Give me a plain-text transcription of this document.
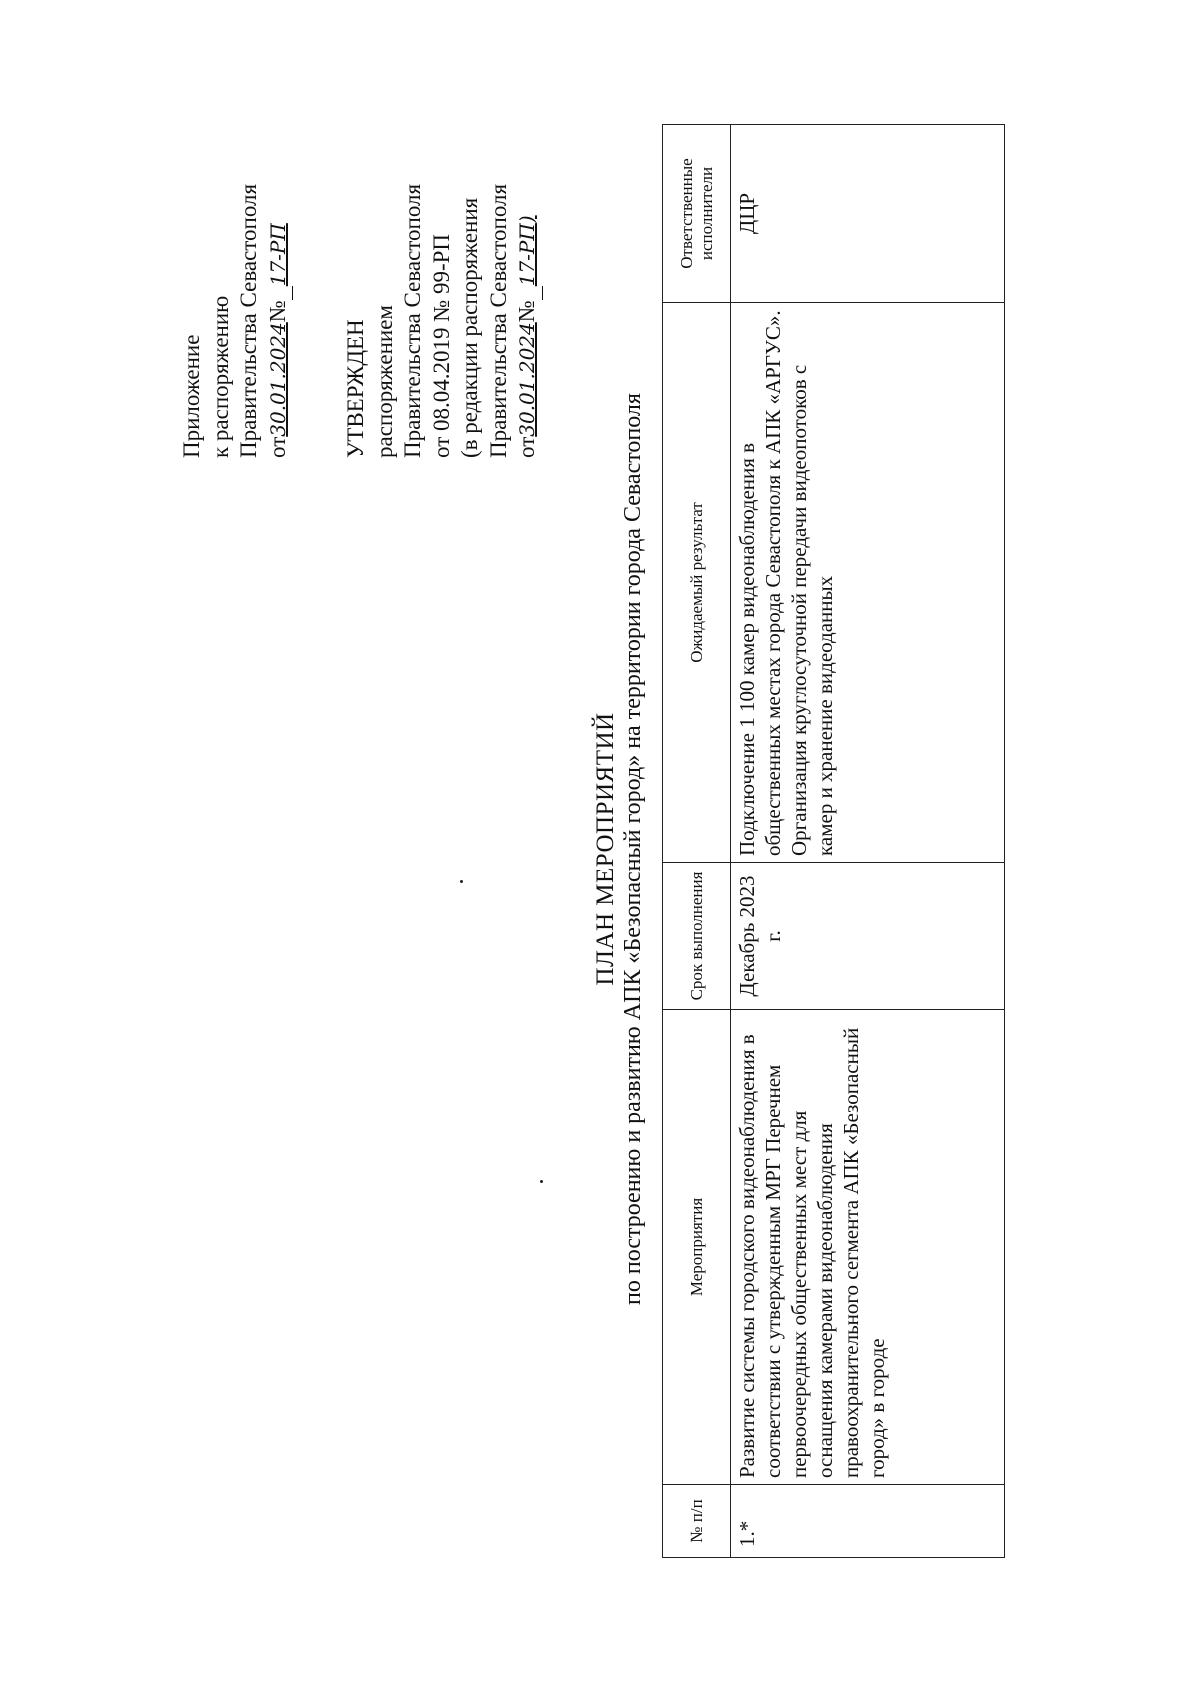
Приложение к распоряжению Правительства Севастополя от30.01.2024№ 17-РП
УТВЕРЖДЕН распоряжением Правительства Севастополя от 08.04.2019 № 99-РП (в редакции распоряжения Правительства Севастополя от30.01.2024№ 17-РП)
ПЛАН МЕРОПРИЯТИЙ по построению и развитию АПК «Безопасный город» на территории города Севастополя
№ п/п	Мероприятия	Срок выполнения	Ожидаемый результат	Ответственные исполнители
1.*	Развитие системы городского видеонаблюдения в соответствии с утвержденным МРГ Перечнем первоочередных общественных мест для оснащения камерами видеонаблюдения правоохранительного сегмента АПК «Безопасный город» в городе	Декабрь 2023 г.	Подключение 1 100 камер видеонаблюдения в общественных местах города Севастополя к АПК «АРГУС». Организация круглосуточной передачи видеопотоков с камер и хранение видеоданных	ДЦР
